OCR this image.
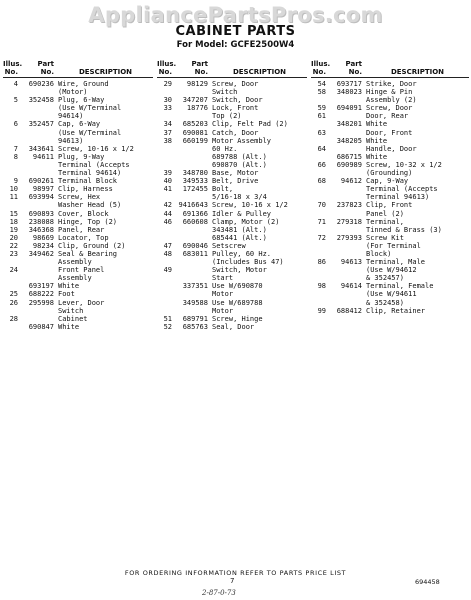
AppliancePartsPros.com
CABINET PARTS
For Model: GCFE2500W4
Illus.
No.
Part
No.	DESCRIPTION
4	690236 Wire, Ground
(Motor)
5	352458 Plug, 6-Way
(Use W/Terminal
94614)
6	352457 Cap, 6-Way
(Use W/Terminal
94613)
7	343641 Screw, 10-16 x 1/2
8	94611 Plug, 9-Way
Terminal (Accepts
Terminal 94614)
9	690261 Terminal Block
10	98997 Clip, Harness
11	693994 Screw, Hex
Washer Head (5)
15	690893 Cover, Block
18	238088 Hinge, Top (2)
19	346368 Panel, Rear
20	98669 Locator, Top
22	98234 Clip, Ground (2)
23	349462 Seal & Bearing
Assembly
24	Front Panel
Assembly
693197 White
25	688222 Foot
26	295998 Lever, Door
Switch
28	Cabinet
690847 White
Illus.
No.
Part
No.	DESCRIPTION
29	98129 Screw, Door
Switch
30	347207 Switch, Door
33	18776 Lock, Front
Top (2)
34	685203 Clip, Felt Pad (2)
37	690081 Catch, Door
38	660199 Motor Assembly
60 Hz.
689788 (Alt.)
690870 (Alt.)
39	348780 Base, Motor
40	349533 Belt, Drive
41	172455 Bolt,
5/16-18 x 3/4
42 9416643 Screw, 10-16 x 1/2
44	691366 Idler & Pulley
46	660608 Clamp, Motor (2)
343481 (Alt.)
685441 (Alt.)
47	690046 Setscrew
48	683011 Pulley, 60 Hz.
(Includes Bus 47)
49	Switch, Motor
Start
337351 Use W/690870
Motor
349588 Use W/689788
Motor
51	689791 Screw, Hinge
52	685763 Seal, Door
Illus.
No.
Part
No.	DESCRIPTION
54	693717 Strike, Door
58	348023 Hinge & Pin
Assembly (2)
59	694091 Screw, Door
61	Door, Rear
348201 White
63	Door, Front
348205 White
64	Handle, Door
686715 White
66	690989 Screw, 10-32 x 1/2
(Grounding)
68	94612 Cap, 9-Way
Terminal (Accepts
Terminal 94613)
70	237823 Clip, Front
Panel (2)
71	279318 Terminal,
Tinned & Brass (3)
72	279393 Screw Kit
(For Terminal
Block)
86	94613 Terminal, Male
(Use W/94612
& 352457)
98	94614 Terminal, Female
(Use W/94611
& 352458)
99	688412 Clip, Retainer
FOR ORDERING INFORMATION REFER TO PARTS PRICE LIST
7	694458
2-87-0-73
